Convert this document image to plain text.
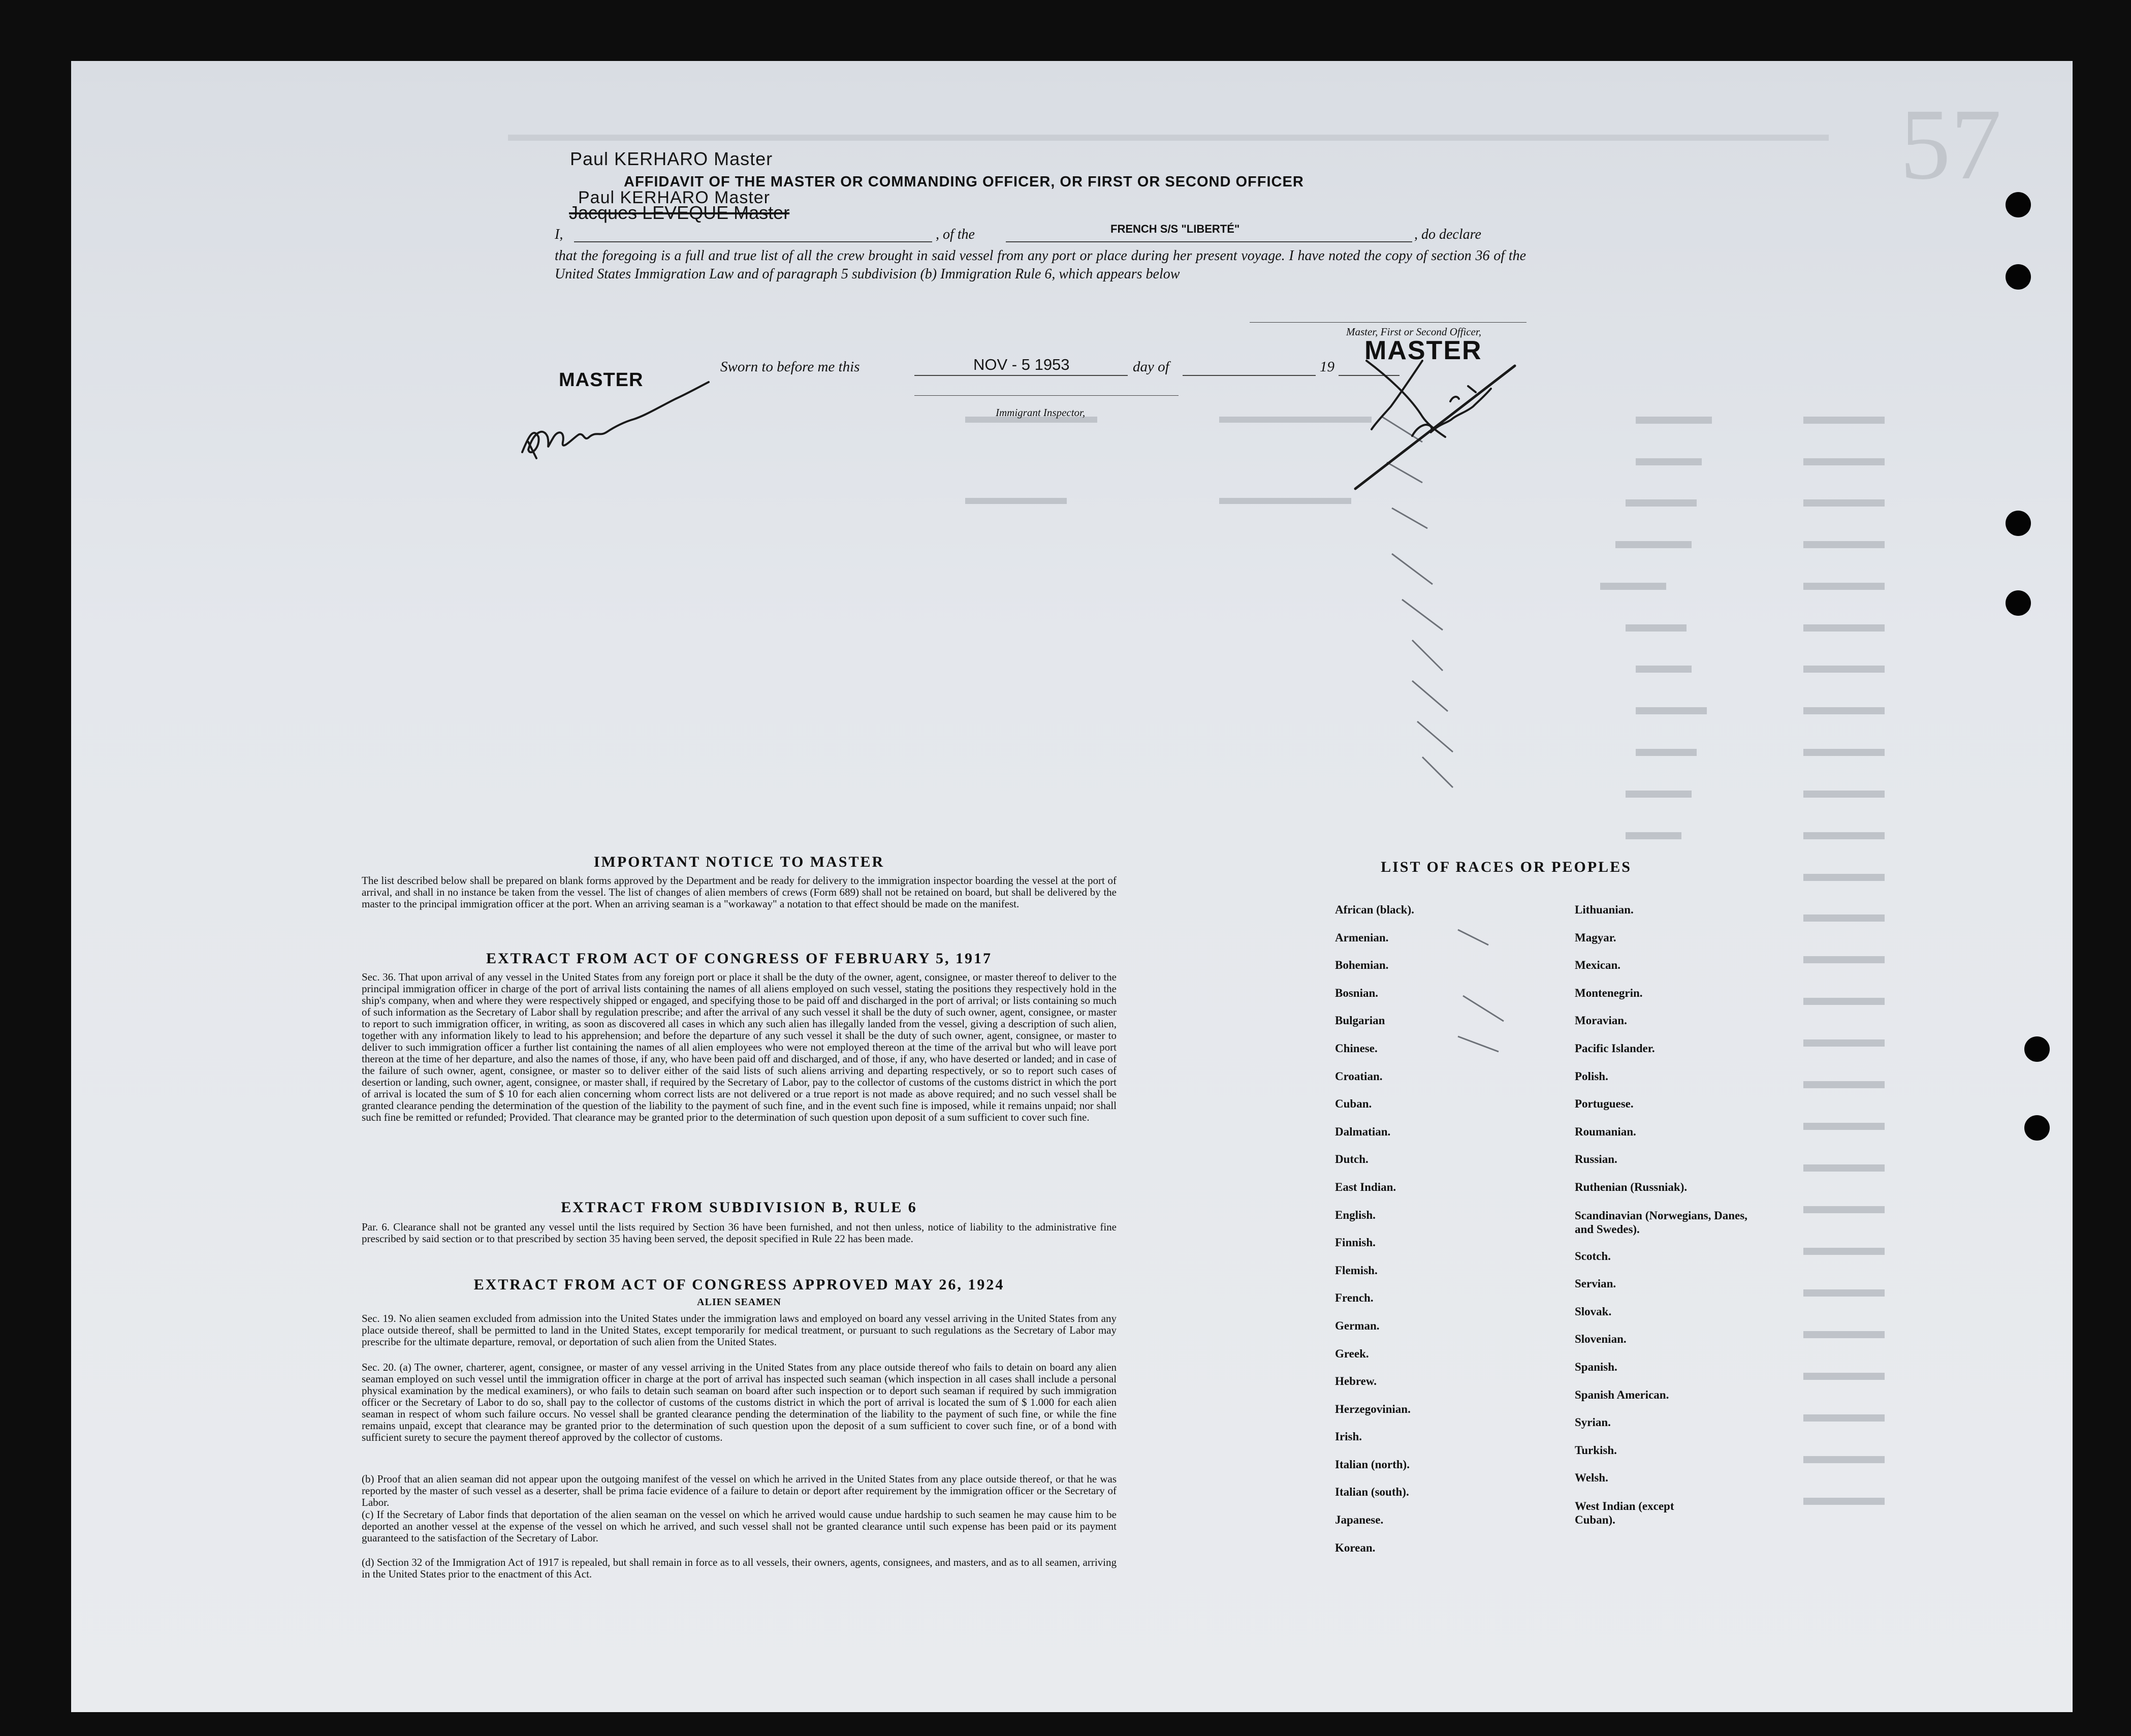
57
Paul KERHARO Master
AFFIDAVIT OF THE MASTER OR COMMANDING OFFICER, OR FIRST OR SECOND OFFICER
Paul KERHARO Master
Jacques LEVEQUE Master
I,	, of the	FRENCH S/S "LIBERTÉ"	, do declare
that the foregoing is a full and true list of all the crew brought in said vessel from any port or place during her present voyage. I have noted the copy of section 36 of the United States Immigration Law and of paragraph 5 subdivision (b) Immigration Rule 6, which appears below
Master, First or Second Officer,
MASTER
Sworn to before me this	NOV - 5 1953	day of	19
MASTER
Immigrant Inspector,
IMPORTANT NOTICE TO MASTER

The list described below shall be prepared on blank forms approved by the Department and be ready for delivery to the immigration inspector boarding the vessel at the port of arrival, and shall in no instance be taken from the vessel. The list of changes of alien members of crews (Form 689) shall not be retained on board, but shall be delivered by the master to the principal immigration officer at the port. When an arriving seaman is a "workaway" a notation to that effect should be made on the manifest.

EXTRACT FROM ACT OF CONGRESS OF FEBRUARY 5, 1917

Sec. 36. That upon arrival of any vessel in the United States from any foreign port or place it shall be the duty of the owner, agent, consignee, or master thereof to deliver to the principal immigration officer in charge of the port of arrival lists containing the names of all aliens employed on such vessel, stating the positions they respectively hold in the ship's company, when and where they were respectively shipped or engaged, and specifying those to be paid off and discharged in the port of arrival; or lists containing so much of such information as the Secretary of Labor shall by regulation prescribe; and after the arrival of any such vessel it shall be the duty of such owner, agent, consignee, or master to report to such immigration officer, in writing, as soon as discovered all cases in which any such alien has illegally landed from the vessel, giving a description of such alien, together with any information likely to lead to his apprehension; and before the departure of any such vessel it shall be the duty of such owner, agent, consignee, or master to deliver to such immigration officer a further list containing the names of all alien employees who were not employed thereon at the time of the arrival but who will leave port thereon at the time of her departure, and also the names of those, if any, who have been paid off and discharged, and of those, if any, who have deserted or landed; and in case of the failure of such owner, agent, consignee, or master so to deliver either of the said lists of such aliens arriving and departing respectively, or so to report such cases of desertion or landing, such owner, agent, consignee, or master shall, if required by the Secretary of Labor, pay to the collector of customs of the customs district in which the port of arrival is located the sum of $ 10 for each alien concerning whom correct lists are not delivered or a true report is not made as above required; and no such vessel shall be granted clearance pending the determination of the question of the liability to the payment of such fine, and in the event such fine is imposed, while it remains unpaid; nor shall such fine be remitted or refunded; Provided. That clearance may be granted prior to the determination of such question upon deposit of a sum sufficient to cover such fine.

EXTRACT FROM SUBDIVISION B, RULE 6

Par. 6. Clearance shall not be granted any vessel until the lists required by Section 36 have been furnished, and not then unless, notice of liability to the administrative fine prescribed by said section or to that prescribed by section 35 having been served, the deposit specified in Rule 22 has been made.

EXTRACT FROM ACT OF CONGRESS APPROVED MAY 26, 1924
ALIEN SEAMEN

Sec. 19. No alien seamen excluded from admission into the United States under the immigration laws and employed on board any vessel arriving in the United States from any place outside thereof, shall be permitted to land in the United States, except temporarily for medical treatment, or pursuant to such regulations as the Secretary of Labor may prescribe for the ultimate departure, removal, or deportation of such alien from the United States.

Sec. 20. (a) The owner, charterer, agent, consignee, or master of any vessel arriving in the United States from any place outside thereof who fails to detain on board any alien seaman employed on such vessel until the immigration officer in charge at the port of arrival has inspected such seaman (which inspection in all cases shall include a personal physical examination by the medical examiners), or who fails to detain such seaman on board after such inspection or to deport such seaman if required by such immigration officer or the Secretary of Labor to do so, shall pay to the collector of customs of the customs district in which the port of arrival is located the sum of $ 1.000 for each alien seaman in respect of whom such failure occurs. No vessel shall be granted clearance pending the determination of the liability to the payment of such fine, or while the fine remains unpaid, except that clearance may be granted prior to the determination of such question upon the deposit of a sum sufficient to cover such fine, or of a bond with sufficient surety to secure the payment thereof approved by the collector of customs.

(b) Proof that an alien seaman did not appear upon the outgoing manifest of the vessel on which he arrived in the United States from any place outside thereof, or that he was reported by the master of such vessel as a deserter, shall be prima facie evidence of a failure to detain or deport after requirement by the immigration officer or the Secretary of Labor.

(c) If the Secretary of Labor finds that deportation of the alien seaman on the vessel on which he arrived would cause undue hardship to such seamen he may cause him to be deported an another vessel at the expense of the vessel on which he arrived, and such vessel shall not be granted clearance until such expense has been paid or its payment guaranteed to the satisfaction of the Secretary of Labor.

(d) Section 32 of the Immigration Act of 1917 is repealed, but shall remain in force as to all vessels, their owners, agents, consignees, and masters, and as to all seamen, arriving in the United States prior to the enactment of this Act.

LIST OF RACES OR PEOPLES
African (black).
Armenian.
Bohemian.
Bosnian.
Bulgarian
Chinese.
Croatian.
Cuban.
Dalmatian.
Dutch.
East Indian.
English.
Finnish.
Flemish.
French.
German.
Greek.
Hebrew.
Herzegovinian.
Irish.
Italian (north).
Italian (south).
Japanese.
Korean.
Lithuanian.
Magyar.
Mexican.
Montenegrin.
Moravian.
Pacific Islander.
Polish.
Portuguese.
Roumanian.
Russian.
Ruthenian (Russniak).
Scandinavian (Norwegians, Danes, and Swedes).
Scotch.
Servian.
Slovak.
Slovenian.
Spanish.
Spanish American.
Syrian.
Turkish.
Welsh.
West Indian (except Cuban).
